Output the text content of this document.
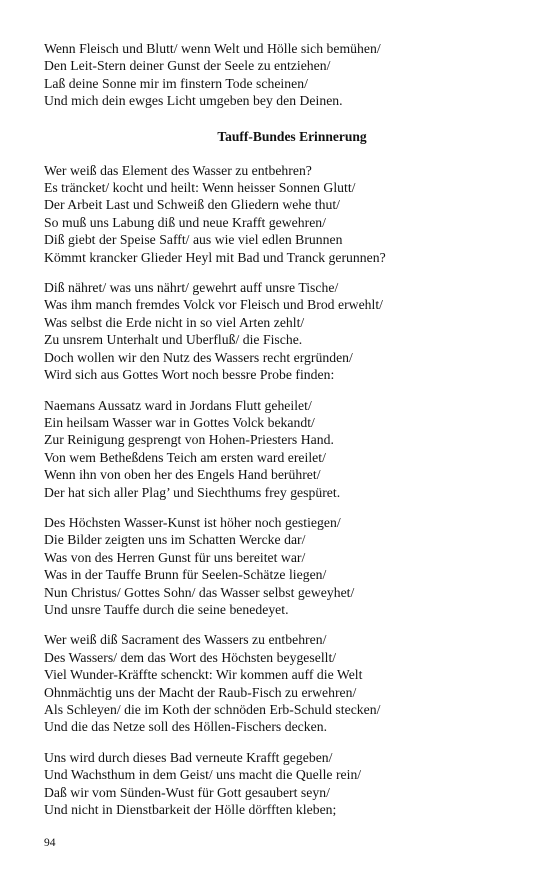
Wenn Fleisch und Blutt/ wenn Welt und Hölle sich bemühen/
Den Leit-Stern deiner Gunst der Seele zu entziehen/
Laß deine Sonne mir im finstern Tode scheinen/
Und mich dein ewges Licht umgeben bey den Deinen.
Tauff-Bundes Erinnerung
Wer weiß das Element des Wasser zu entbehren?
Es träncket/ kocht und heilt: Wenn heisser Sonnen Glutt/
Der Arbeit Last und Schweiß den Gliedern wehe thut/
So muß uns Labung diß und neue Krafft gewehren/
Diß giebt der Speise Safft/ aus wie viel edlen Brunnen
Kömmt krancker Glieder Heyl mit Bad und Tranck gerunnen?
Diß nähret/ was uns nährt/ gewehrt auff unsre Tische/
Was ihm manch fremdes Volck vor Fleisch und Brod erwehlt/
Was selbst die Erde nicht in so viel Arten zehlt/
Zu unsrem Unterhalt und Uberfluß/ die Fische.
Doch wollen wir den Nutz des Wassers recht ergründen/
Wird sich aus Gottes Wort noch bessre Probe finden:
Naemans Aussatz ward in Jordans Flutt geheilet/
Ein heilsam Wasser war in Gottes Volck bekandt/
Zur Reinigung gesprengt von Hohen-Priesters Hand.
Von wem Betheßdens Teich am ersten ward ereilet/
Wenn ihn von oben her des Engels Hand berühret/
Der hat sich aller Plag’ und Siechthums frey gespüret.
Des Höchsten Wasser-Kunst ist höher noch gestiegen/
Die Bilder zeigten uns im Schatten Wercke dar/
Was von des Herren Gunst für uns bereitet war/
Was in der Tauffe Brunn für Seelen-Schätze liegen/
Nun Christus/ Gottes Sohn/ das Wasser selbst geweyhet/
Und unsre Tauffe durch die seine benedeyet.
Wer weiß diß Sacrament des Wassers zu entbehren/
Des Wassers/ dem das Wort des Höchsten beygesellt/
Viel Wunder-Kräffte schenckt: Wir kommen auff die Welt
Ohnmächtig uns der Macht der Raub-Fisch zu erwehren/
Als Schleyen/ die im Koth der schnöden Erb-Schuld stecken/
Und die das Netze soll des Höllen-Fischers decken.
Uns wird durch dieses Bad verneute Krafft gegeben/
Und Wachsthum in dem Geist/ uns macht die Quelle rein/
Daß wir vom Sünden-Wust für Gott gesaubert seyn/
Und nicht in Dienstbarkeit der Hölle dörfften kleben;
94
